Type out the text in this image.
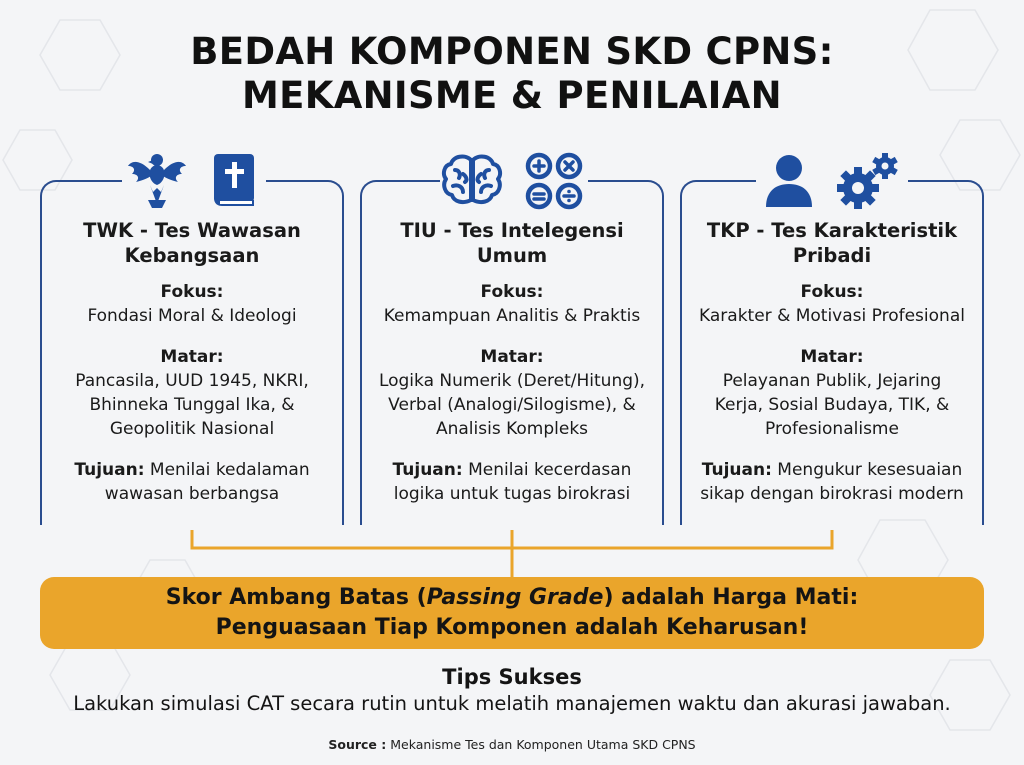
BEDAH KOMPONEN SKD CPNS:
MEKANISME & PENILAIAN
TWK - Tes Wawasan
Kebangsaan
Fokus:
Fondasi Moral & Ideologi
Matar:
Pancasila, UUD 1945, NKRI,
Bhinneka Tunggal Ika, &
Geopolitik Nasional
Tujuan: Menilai kedalaman
wawasan berbangsa
TIU - Tes Intelegensi
Umum
Fokus:
Kemampuan Analitis & Praktis
Matar:
Logika Numerik (Deret/Hitung),
Verbal (Analogi/Silogisme), &
Analisis Kompleks
Tujuan: Menilai kecerdasan
logika untuk tugas birokrasi
TKP - Tes Karakteristik
Pribadi
Fokus:
Karakter & Motivasi Profesional
Matar:
Pelayanan Publik, Jejaring
Kerja, Sosial Budaya, TIK, &
Profesionalisme
Tujuan: Mengukur kesesuaian
sikap dengan birokrasi modern
Skor Ambang Batas (Passing Grade) adalah Harga Mati:
Penguasaan Tiap Komponen adalah Keharusan!
Tips Sukses
Lakukan simulasi CAT secara rutin untuk melatih manajemen waktu dan akurasi jawaban.
Source : Mekanisme Tes dan Komponen Utama SKD CPNS
